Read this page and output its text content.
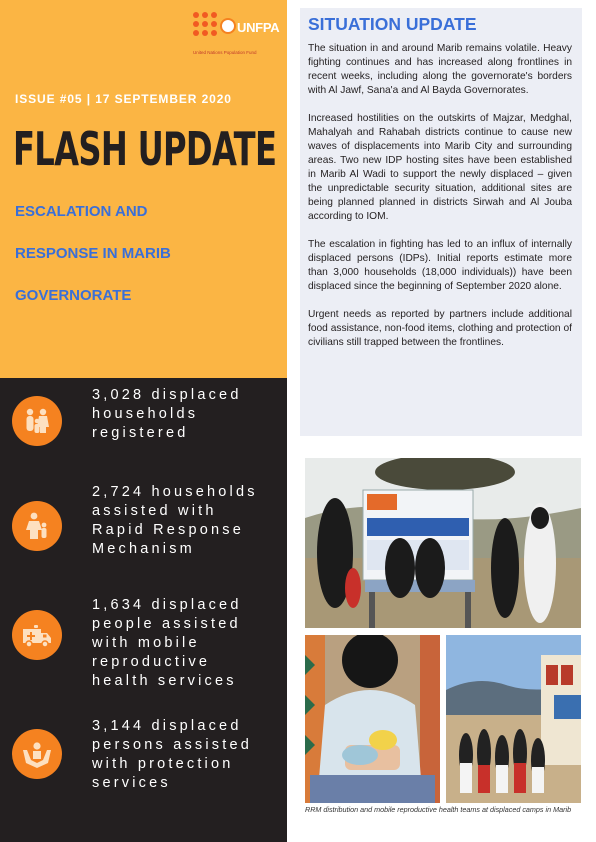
UNFPA
United Nations Population Fund
ISSUE #05 | 17 SEPTEMBER 2020
FLASH UPDATE
ESCALATION AND
RESPONSE IN MARIB
GOVERNORATE
3,028 displaced
households
registered
2,724 households
assisted with
Rapid Response
Mechanism
1,634 displaced
people assisted
with mobile
reproductive
health services
3,144 displaced
persons assisted
with protection
services
SITUATION UPDATE

The situation in and around Marib remains volatile. Heavy fighting continues and has increased along frontlines in recent weeks, including along the governorate's borders with Al Jawf, Sana'a and Al Bayda Governorates.

Increased hostilities on the outskirts of Majzar, Medghal, Mahalyah and Rahabah districts continue to cause new waves of displacements into Marib City and surrounding areas. Two new IDP hosting sites have been established in Marib Al Wadi to support the newly displaced – given the unpredictable security situation, additional sites are being planned planned in districts Sirwah and Al Jouba according to IOM.

The escalation in fighting has led to an influx of internally displaced persons (IDPs). Initial reports estimate more than 3,000 households (18,000 individuals)) have been displaced since the beginning of September 2020 alone.

Urgent needs as reported by partners include additional food assistance, non-food items, clothing and protection of civilians still trapped between the frontlines.

RRM distribution and mobile reproductive health teams at displaced camps in Marib
